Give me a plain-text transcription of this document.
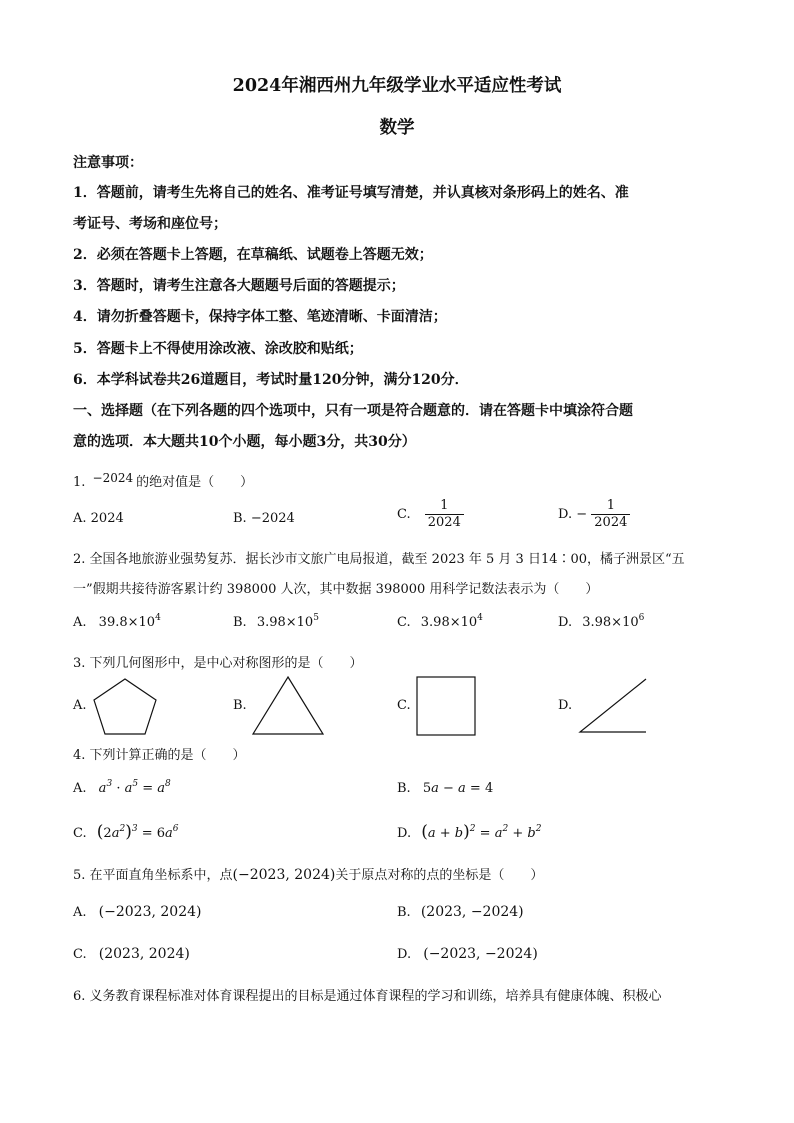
2024年湘西州九年级学业水平适应性考试
数学
注意事项：
1．答题前，请考生先将自己的姓名、准考证号填写清楚，并认真核对条形码上的姓名、准
考证号、考场和座位号；
2．必须在答题卡上答题，在草稿纸、试题卷上答题无效；
3．答题时，请考生注意各大题题号后面的答题提示；
4．请勿折叠答题卡，保持字体工整、笔迹清晰、卡面清洁；
5．答题卡上不得使用涂改液、涂改胶和贴纸；
6．本学科试卷共26道题目，考试时量120分钟，满分120分．
一、选择题（在下列各题的四个选项中，只有一项是符合题意的．请在答题卡中填涂符合题
意的选项．本大题共10个小题，每小题3分，共30分）
1. −2024 的绝对值是（　　）
A. 2024	B. −2024	C. $\frac{1}{2024}$	D. − $\frac{1}{2024}$
2. 全国各地旅游业强势复苏．据长沙市文旅广电局报道，截至 2023 年 5 月 3 日14∶00，橘子洲景区“五
一”假期共接待游客累计约 398000 人次，其中数据 398000 用科学记数法表示为（　　）
A. $39.8\times 10^4$	B. $3.98\times 10^5$	C. $3.98\times 10^4$	D. $3.98\times 10^6$
3. 下列几何图形中，是中心对称图形的是（　　）
A.	B.	C.	D.
4. 下列计算正确的是（　　）
A. $a^3 \cdot a^5 = a^8$	B. 5a − a = 4
C. $(2a^2)^3 = 6a^6$	D. $(a + b)^2 = a^2 + b^2$
5. 在平面直角坐标系中，点(−2023, 2024)关于原点对称的点的坐标是（　　）
A. (−2023, 2024)	B. (2023, −2024)
C. (2023, 2024)	D. (−2023, −2024)
6. 义务教育课程标准对体育课程提出的目标是通过体育课程的学习和训练，培养具有健康体魄、积极心
